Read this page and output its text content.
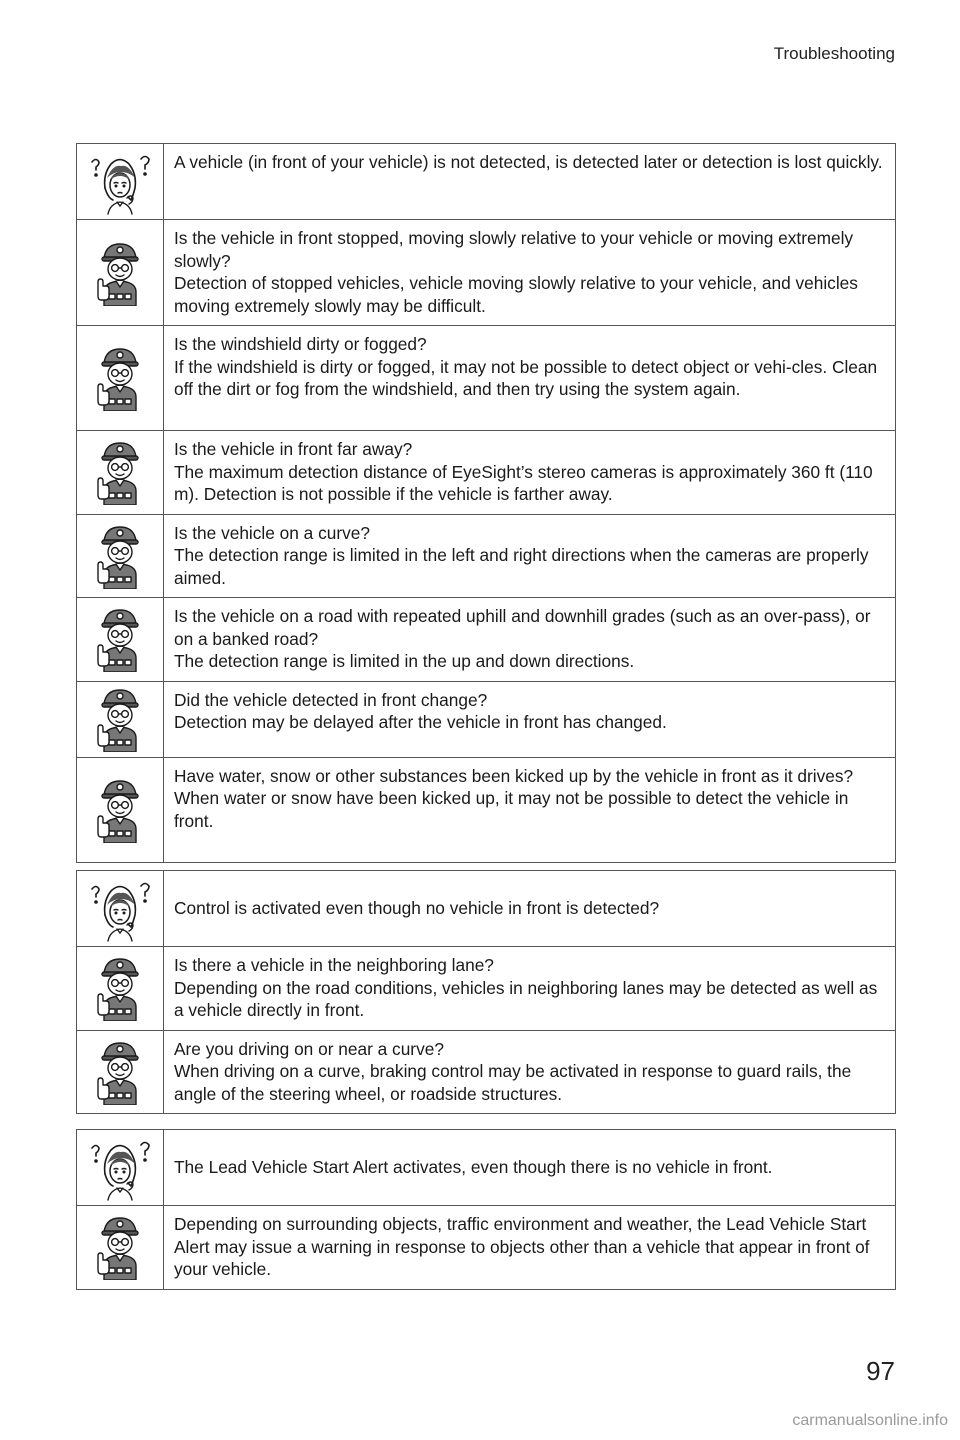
Troubleshooting
	A vehicle (in front of your vehicle) is not detected, is detected later or detection is lost quickly.

Is the vehicle in front stopped, moving slowly relative to your vehicle or moving extremely slowly?
Detection of stopped vehicles, vehicle moving slowly relative to your vehicle, and vehicles moving extremely slowly may be difficult.

Is the windshield dirty or fogged?
If the windshield is dirty or fogged, it may not be possible to detect object or vehi-cles. Clean off the dirt or fog from the windshield, and then try using the system again.

Is the vehicle in front far away?
The maximum detection distance of EyeSight’s stereo cameras is approximately 360 ft (110 m). Detection is not possible if the vehicle is farther away.

Is the vehicle on a curve?
The detection range is limited in the left and right directions when the cameras are properly aimed.

Is the vehicle on a road with repeated uphill and downhill grades (such as an over-pass), or on a banked road?
The detection range is limited in the up and down directions.

Did the vehicle detected in front change?
Detection may be delayed after the vehicle in front has changed.

Have water, snow or other substances been kicked up by the vehicle in front as it drives?
When water or snow have been kicked up, it may not be possible to detect the vehicle in front.
	Control is activated even though no vehicle in front is detected?

Is there a vehicle in the neighboring lane?
Depending on the road conditions, vehicles in neighboring lanes may be detected as well as a vehicle directly in front.

Are you driving on or near a curve?
When driving on a curve, braking control may be activated in response to guard rails, the angle of the steering wheel, or roadside structures.
	The Lead Vehicle Start Alert activates, even though there is no vehicle in front.

Depending on surrounding objects, traffic environment and weather, the Lead Vehicle Start Alert may issue a warning in response to objects other than a vehicle that appear in front of your vehicle.
97
carmanualsonline.info
